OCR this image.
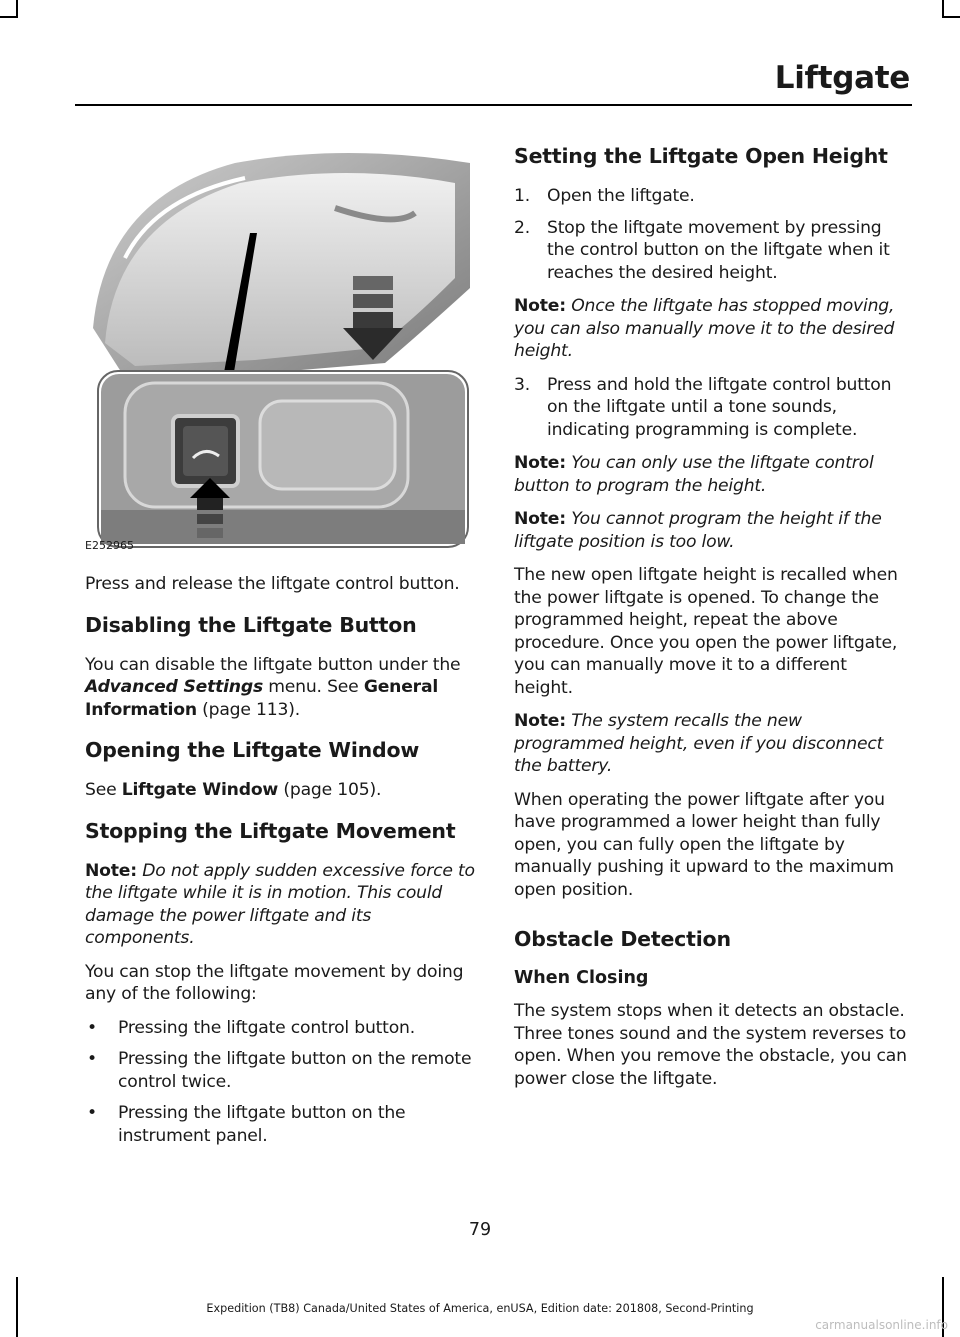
Liftgate
E252965

Press and release the liftgate control button.

Disabling the Liftgate Button

You can disable the liftgate button under the Advanced Settings menu. See General Information (page 113).

Opening the Liftgate Window

See Liftgate Window (page 105).

Stopping the Liftgate Movement

Note: Do not apply sudden excessive force to the liftgate while it is in motion. This could damage the power liftgate and its components.

You can stop the liftgate movement by doing any of the following:

• Pressing the liftgate control button.
• Pressing the liftgate button on the remote control twice.
• Pressing the liftgate button on the instrument panel.
Setting the Liftgate Open Height
1. Open the liftgate.
2. Stop the liftgate movement by pressing the control button on the liftgate when it reaches the desired height.

Note: Once the liftgate has stopped moving, you can also manually move it to the desired height.

3. Press and hold the liftgate control button on the liftgate until a tone sounds, indicating programming is complete.

Note: You can only use the liftgate control button to program the height.

Note: You cannot program the height if the liftgate position is too low.

The new open liftgate height is recalled when the power liftgate is opened. To change the programmed height, repeat the above procedure. Once you open the power liftgate, you can manually move it to a different height.

Note: The system recalls the new programmed height, even if you disconnect the battery.

When operating the power liftgate after you have programmed a lower height than fully open, you can fully open the liftgate by manually pushing it upward to the maximum open position.

Obstacle Detection
When Closing

The system stops when it detects an obstacle. Three tones sound and the system reverses to open. When you remove the obstacle, you can power close the liftgate.

79
Expedition (TB8) Canada/United States of America, enUSA, Edition date: 201808, Second-Printing
carmanualsonline.info
